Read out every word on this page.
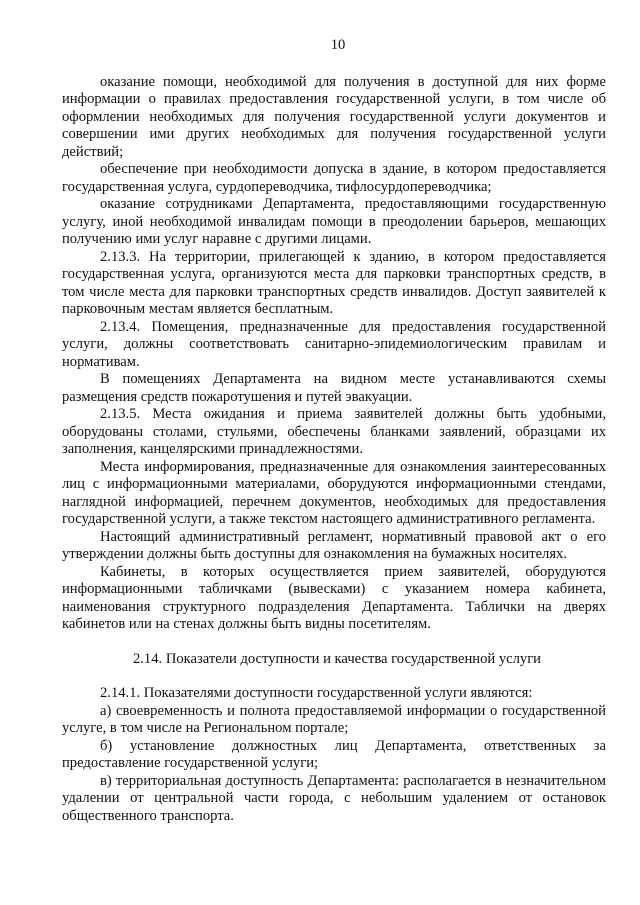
10

оказание помощи, необходимой для получения в доступной для них форме информации о правилах предоставления государственной услуги, в том числе об оформлении необходимых для получения государственной услуги документов и совершении ими других необходимых для получения государственной услуги действий;

обеспечение при необходимости допуска в здание, в котором предоставляется государственная услуга, сурдопереводчика, тифлосурдопереводчика;

оказание сотрудниками Департамента, предоставляющими государственную услугу, иной необходимой инвалидам помощи в преодолении барьеров, мешающих получению ими услуг наравне с другими лицами.

2.13.3. На территории, прилегающей к зданию, в котором предоставляется государственная услуга, организуются места для парковки транспортных средств, в том числе места для парковки транспортных средств инвалидов. Доступ заявителей к парковочным местам является бесплатным.

2.13.4. Помещения, предназначенные для предоставления государственной услуги, должны соответствовать санитарно-эпидемиологическим правилам и нормативам.

В помещениях Департамента на видном месте устанавливаются схемы размещения средств пожаротушения и путей эвакуации.

2.13.5. Места ожидания и приема заявителей должны быть удобными, оборудованы столами, стульями, обеспечены бланками заявлений, образцами их заполнения, канцелярскими принадлежностями.

Места информирования, предназначенные для ознакомления заинтересованных лиц с информационными материалами, оборудуются информационными стендами, наглядной информацией, перечнем документов, необходимых для предоставления государственной услуги, а также текстом настоящего административного регламента.

Настоящий административный регламент, нормативный правовой акт о его утверждении должны быть доступны для ознакомления на бумажных носителях.

Кабинеты, в которых осуществляется прием заявителей, оборудуются информационными табличками (вывесками) с указанием номера кабинета, наименования структурного подразделения Департамента. Таблички на дверях кабинетов или на стенах должны быть видны посетителям.

2.14. Показатели доступности и качества государственной услуги

2.14.1. Показателями доступности государственной услуги являются:

а) своевременность и полнота предоставляемой информации о государственной услуге, в том числе на Региональном портале;

б) установление должностных лиц Департамента, ответственных за предоставление государственной услуги;

в) территориальная доступность Департамента: располагается в незначительном удалении от центральной части города, с небольшим удалением от остановок общественного транспорта.
